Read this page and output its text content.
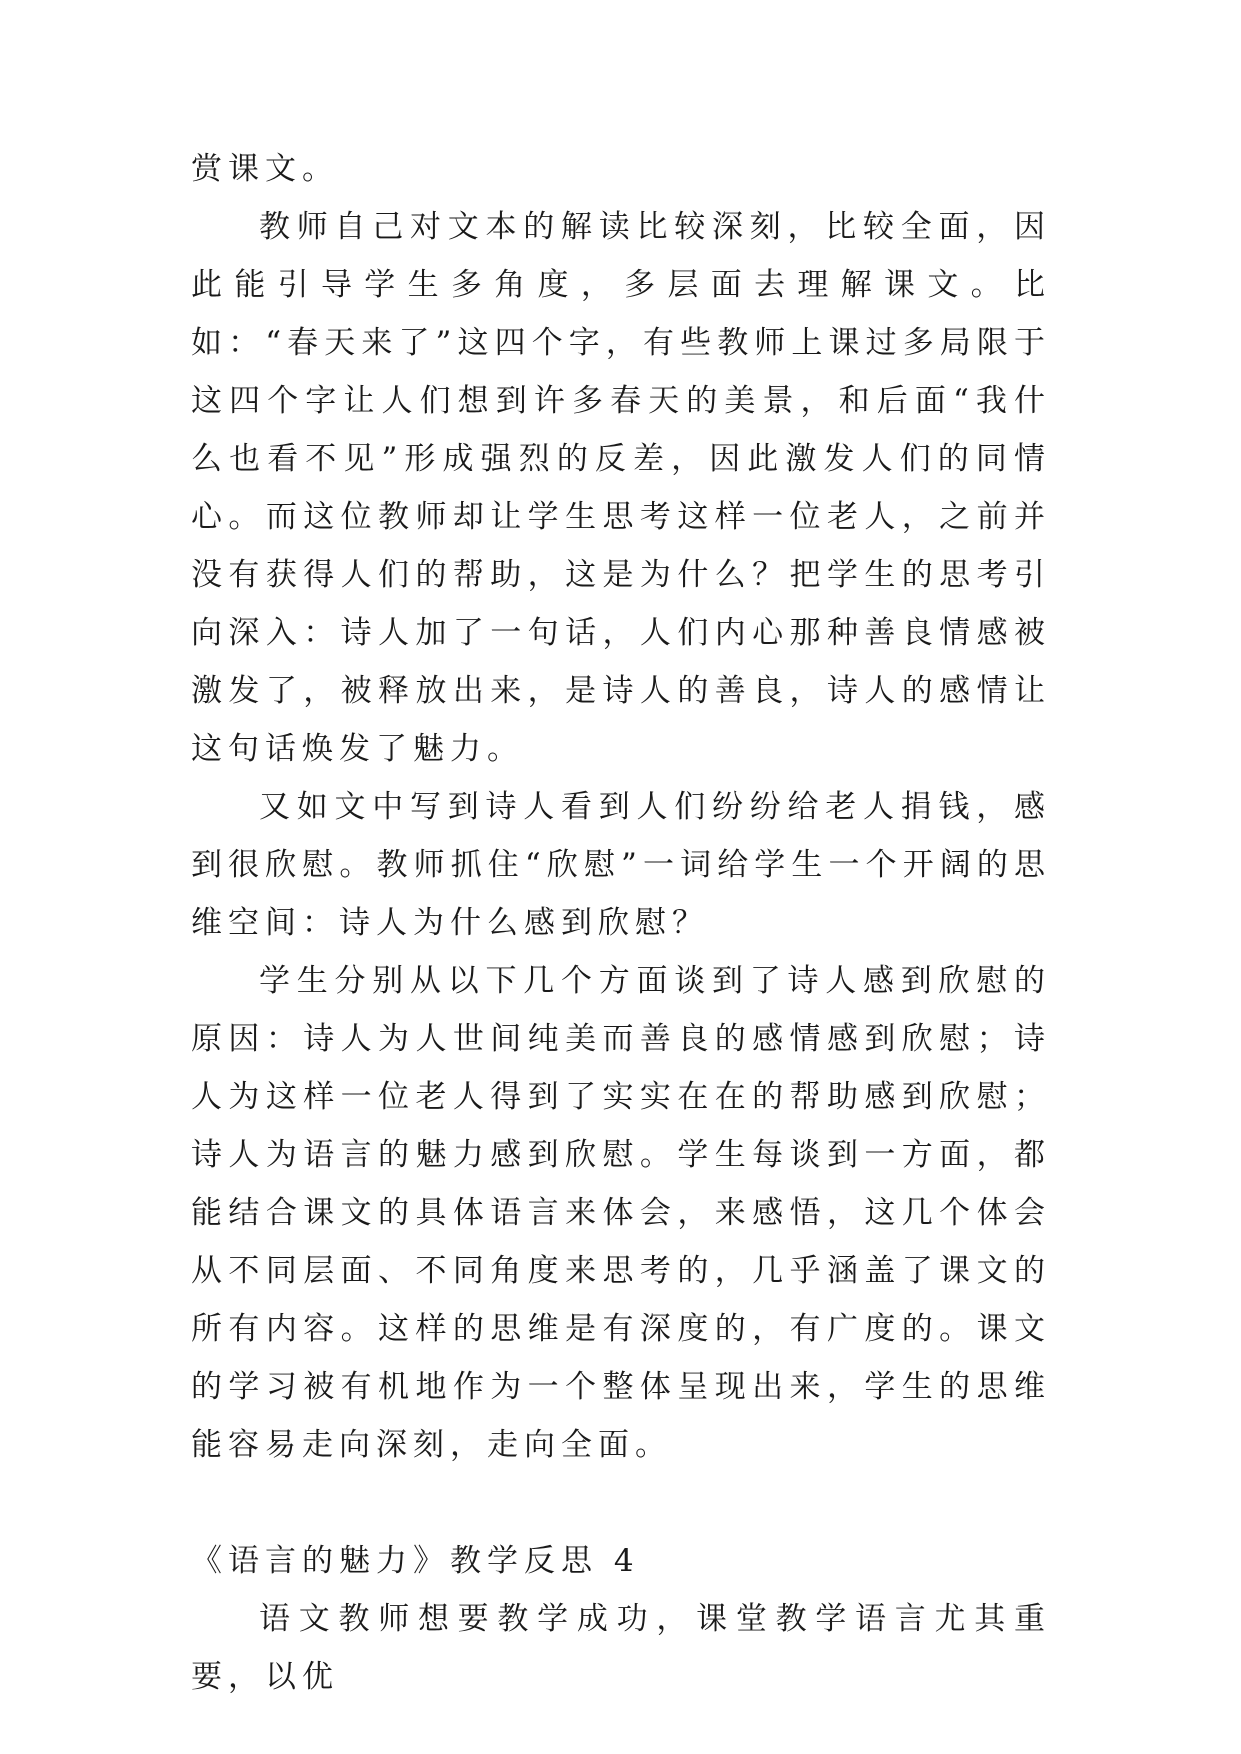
赏课文。

教师自己对文本的解读比较深刻，比较全面，因此能引导学生多角度，多层面去理解课文。比如：“春天来了”这四个字，有些教师上课过多局限于这四个字让人们想到许多春天的美景，和后面“我什么也看不见”形成强烈的反差，因此激发人们的同情心。而这位教师却让学生思考这样一位老人，之前并没有获得人们的帮助，这是为什么？把学生的思考引向深入：诗人加了一句话，人们内心那种善良情感被激发了，被释放出来，是诗人的善良，诗人的感情让这句话焕发了魅力。

又如文中写到诗人看到人们纷纷给老人捐钱，感到很欣慰。教师抓住“欣慰”一词给学生一个开阔的思维空间：诗人为什么感到欣慰？

学生分别从以下几个方面谈到了诗人感到欣慰的原因：诗人为人世间纯美而善良的感情感到欣慰；诗人为这样一位老人得到了实实在在的帮助感到欣慰；诗人为语言的魅力感到欣慰。学生每谈到一方面，都能结合课文的具体语言来体会，来感悟，这几个体会从不同层面、不同角度来思考的，几乎涵盖了课文的所有内容。这样的思维是有深度的，有广度的。课文的学习被有机地作为一个整体呈现出来，学生的思维能容易走向深刻，走向全面。

《语言的魅力》教学反思 4

语文教师想要教学成功，课堂教学语言尤其重要，以优
